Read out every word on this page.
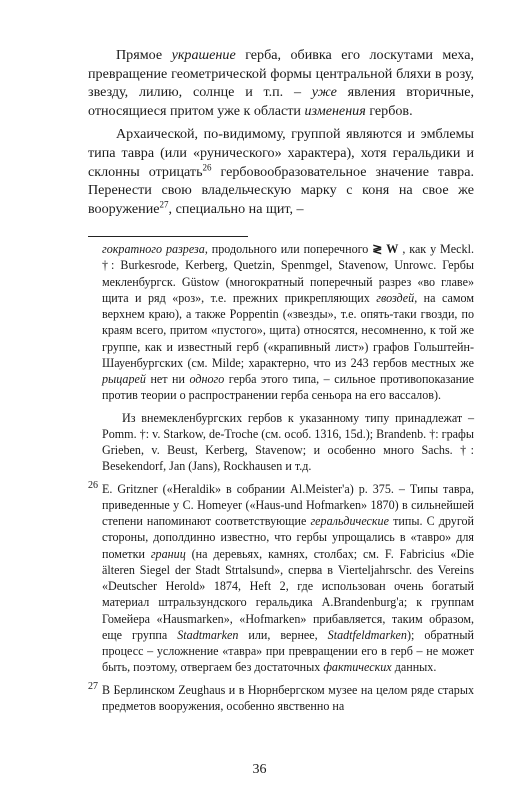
Прямое украшение герба, обивка его лоскутами меха, превращение геометрической формы центральной бляхи в розу, звезду, лилию, солнце и т.п. – уже явления вторичные, относящиеся притом уже к области изменения гербов.

Архаической, по-видимому, группой являются и эмблемы типа тавра (или «рунического» характера), хотя геральдики и склонны отрицать$^{26}$ гербовообразовательное значение тавра. Перенести свою владельческую марку с коня на свое же вооружение$^{27}$, специально на щит, –

гократного разреза, продольного или поперечного ≷ W , как у Meckl. †: Burkesrode, Kerberg, Quetzin, Spenmgel, Stavenow, Unrowc. Гербы мекленбургск. Güstow (многократный поперечный разрез «во главе» щита и ряд «роз», т.е. прежних прикрепляющих гвоздей, на самом верхнем краю), а также Poppentin («звезды», т.е. опять-таки гвозди, по краям всего, притом «пустого», щита) относятся, несомненно, к той же группе, как и известный герб («крапивный лист») графов Гольштейн-Шауенбургских (см. Milde; характерно, что из 243 гербов местных же рыцарей нет ни одного герба этого типа, – сильное противопоказание против теории о распространении герба сеньора на его вассалов).

Из внемекленбургских гербов к указанному типу принадлежат – Pomm. †: v. Starkow, de-Troche (см. особ. 1316, 15d.); Brandenb. †: графы Grieben, v. Beust, Kerberg, Stavenow; и особенно много Sachs. †: Besekendorf, Jan (Jans), Rockhausen и т.д.

26 E. Gritzner («Heraldik» в собрании Al.Meister'a) p. 375. – Типы тавра, приведенные у С. Homeyer («Haus-und Hofmarken» 1870) в сильнейшей степени напоминают соответствующие геральдические типы. С другой стороны, дополдинно известно, что гербы упрощались в «тавро» для пометки границ (на деревьях, камнях, столбах; см. F. Fabricius «Die älteren Siegel der Stadt Strtalsund», сперва в Vierteljahrschr. des Vereins «Deutscher Herold» 1874, Heft 2, где использован очень богатый материал штральзундского геральдика A.Brandenburg'a; к группам Гомейера «Hausmarken», «Hofmarken» прибавляется, таким образом, еще группа Stadtmarken или, вернее, Stadtfeldmarken); обратный процесс – усложнение «тавра» при превращении его в герб – не может быть, поэтому, отвергаем без достаточных фактических данных.

27 В Берлинском Zeughaus и в Нюрнбергском музее на целом ряде старых предметов вооружения, особенно явственно на

36
